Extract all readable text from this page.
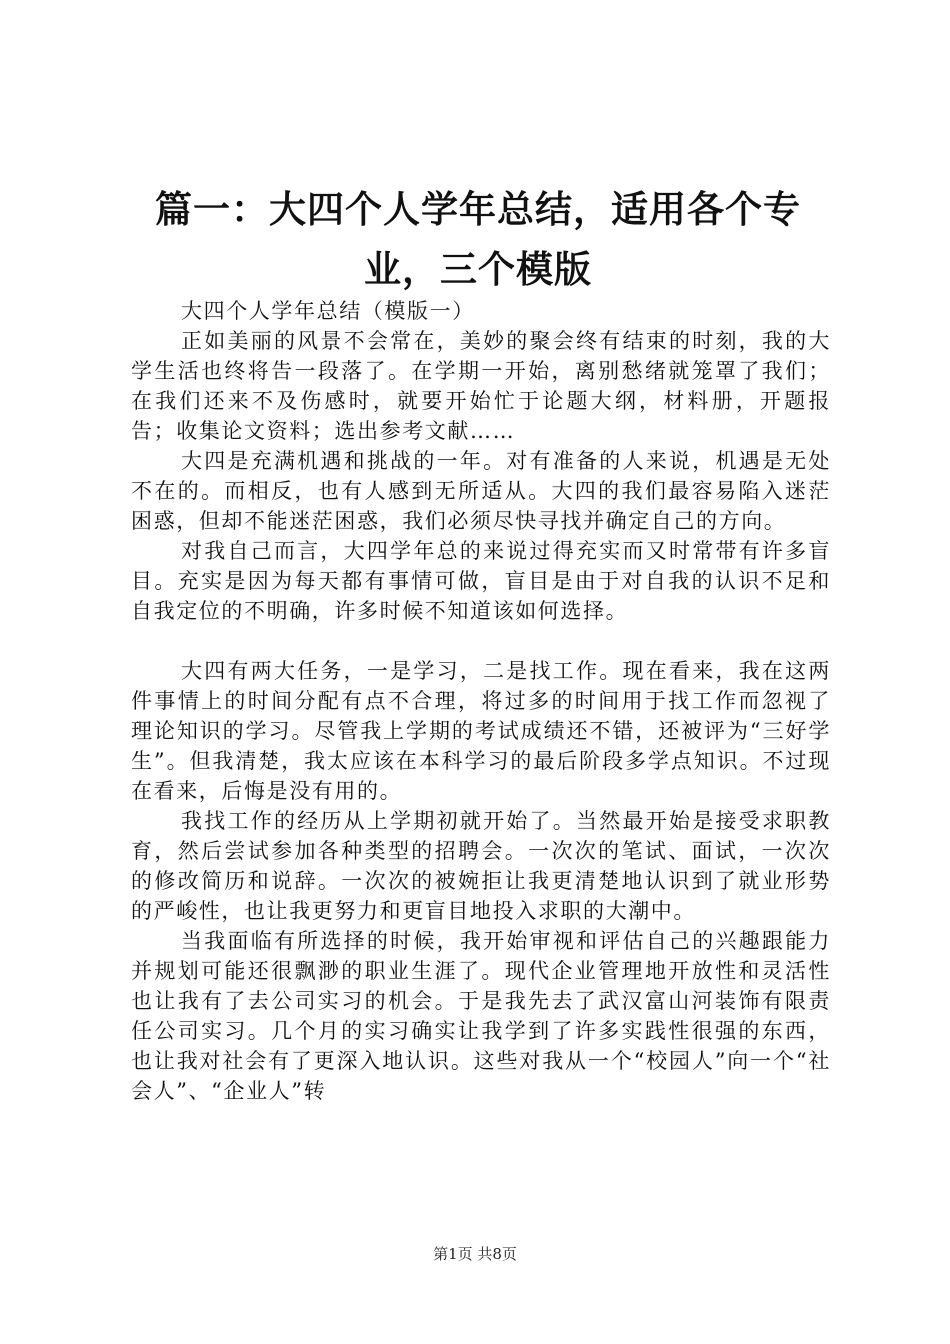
篇一：大四个人学年总结，适用各个专业，三个模版

大四个人学年总结（模版一）

正如美丽的风景不会常在，美妙的聚会终有结束的时刻，我的大学生活也终将告一段落了。在学期一开始，离别愁绪就笼罩了我们；在我们还来不及伤感时，就要开始忙于论题大纲，材料册，开题报告；收集论文资料；选出参考文献……

大四是充满机遇和挑战的一年。对有准备的人来说，机遇是无处不在的。而相反，也有人感到无所适从。大四的我们最容易陷入迷茫困惑，但却不能迷茫困惑，我们必须尽快寻找并确定自己的方向。

对我自己而言，大四学年总的来说过得充实而又时常带有许多盲目。充实是因为每天都有事情可做，盲目是由于对自我的认识不足和自我定位的不明确，许多时候不知道该如何选择。

大四有两大任务，一是学习，二是找工作。现在看来，我在这两件事情上的时间分配有点不合理，将过多的时间用于找工作而忽视了理论知识的学习。尽管我上学期的考试成绩还不错，还被评为“三好学生”。但我清楚，我太应该在本科学习的最后阶段多学点知识。不过现在看来，后悔是没有用的。

我找工作的经历从上学期初就开始了。当然最开始是接受求职教育，然后尝试参加各种类型的招聘会。一次次的笔试、面试，一次次的修改简历和说辞。一次次的被婉拒让我更清楚地认识到了就业形势的严峻性，也让我更努力和更盲目地投入求职的大潮中。

当我面临有所选择的时候，我开始审视和评估自己的兴趣跟能力并规划可能还很飘渺的职业生涯了。现代企业管理地开放性和灵活性也让我有了去公司实习的机会。于是我先去了武汉富山河装饰有限责任公司实习。几个月的实习确实让我学到了许多实践性很强的东西，也让我对社会有了更深入地认识。这些对我从一个“校园人”向一个“社会人”、“企业人”转

第1页 共8页
